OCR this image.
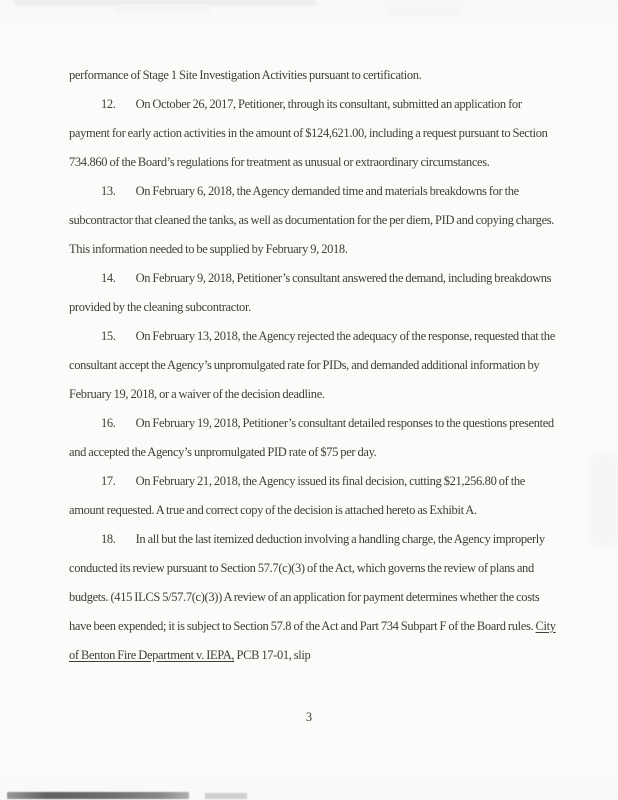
performance of Stage 1 Site Investigation Activities pursuant to certification.

12. On October 26, 2017, Petitioner, through its consultant, submitted an application for payment for early action activities in the amount of $124,621.00, including a request pursuant to Section 734.860 of the Board’s regulations for treatment as unusual or extraordinary circumstances.

13. On February 6, 2018, the Agency demanded time and materials breakdowns for the subcontractor that cleaned the tanks, as well as documentation for the per diem, PID and copying charges. This information needed to be supplied by February 9, 2018.

14. On February 9, 2018, Petitioner’s consultant answered the demand, including breakdowns provided by the cleaning subcontractor.

15. On February 13, 2018, the Agency rejected the adequacy of the response, requested that the consultant accept the Agency’s unpromulgated rate for PIDs, and demanded additional information by February 19, 2018, or a waiver of the decision deadline.

16. On February 19, 2018, Petitioner’s consultant detailed responses to the questions presented and accepted the Agency’s unpromulgated PID rate of $75 per day.

17. On February 21, 2018, the Agency issued its final decision, cutting $21,256.80 of the amount requested. A true and correct copy of the decision is attached hereto as Exhibit A.

18. In all but the last itemized deduction involving a handling charge, the Agency improperly conducted its review pursuant to Section 57.7(c)(3) of the Act, which governs the review of plans and budgets. (415 ILCS 5/57.7(c)(3)) A review of an application for payment determines whether the costs have been expended; it is subject to Section 57.8 of the Act and Part 734 Subpart F of the Board rules. City of Benton Fire Department v. IEPA, PCB 17-01, slip

3
